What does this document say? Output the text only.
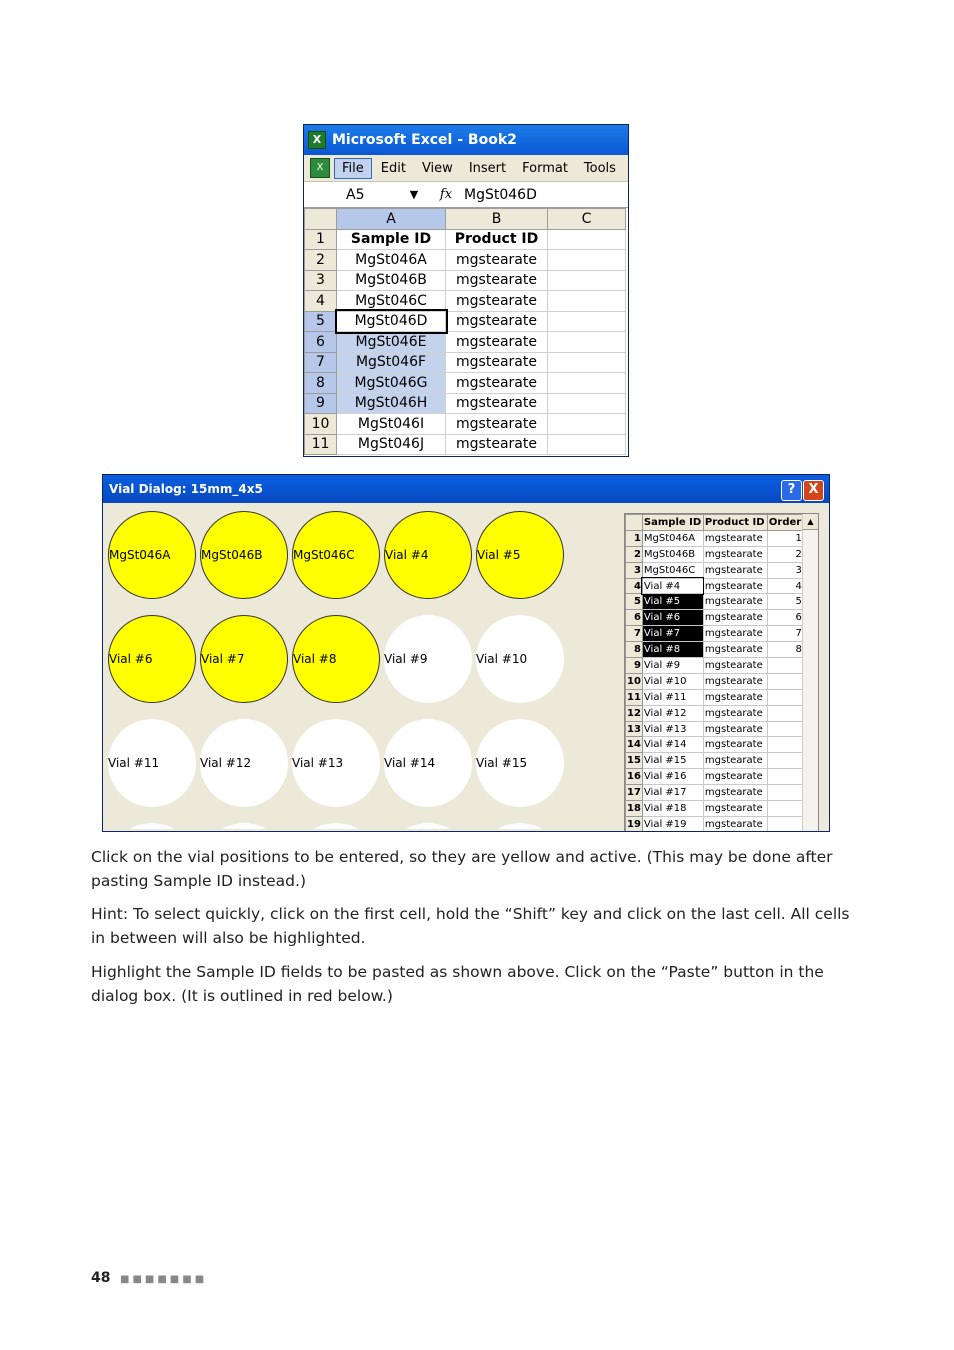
X Microsoft Excel - Book2
X	File	Edit	View	Insert	Format	Tools
A5	▼	fx MgSt046D
	A	B	C
1	Sample ID	Product ID	
2	MgSt046A	mgstearate	
3	MgSt046B	mgstearate	
4	MgSt046C	mgstearate	
5	MgSt046D	mgstearate	
6	MgSt046E	mgstearate	
7	MgSt046F	mgstearate	
8	MgSt046G	mgstearate	
9	MgSt046H	mgstearate	
10	MgSt046I	mgstearate	
11	MgSt046J	mgstearate	
Vial Dialog: 15mm_4x5	?	X
MgSt046A	MgSt046B	MgSt046C	Vial #4	Vial #5
Vial #6	Vial #7	Vial #8	Vial #9	Vial #10
Vial #11	Vial #12	Vial #13	Vial #14	Vial #15
	Sample ID	Product ID	Order
1	MgSt046A	mgstearate	1
2	MgSt046B	mgstearate	2
3	MgSt046C	mgstearate	3
4	Vial #4	mgstearate	4
5	Vial #5	mgstearate	5
6	Vial #6	mgstearate	6
7	Vial #7	mgstearate	7
8	Vial #8	mgstearate	8
9	Vial #9	mgstearate	
10	Vial #10	mgstearate	
11	Vial #11	mgstearate	
12	Vial #12	mgstearate	
13	Vial #13	mgstearate	
14	Vial #14	mgstearate	
15	Vial #15	mgstearate	
16	Vial #16	mgstearate	
17	Vial #17	mgstearate	
18	Vial #18	mgstearate	
19	Vial #19	mgstearate	
▲
Click on the vial positions to be entered, so they are yellow and active. (This may be done after pasting Sample ID instead.)
Hint: To select quickly, click on the first cell, hold the “Shift” key and click on the last cell. All cells in between will also be highlighted.
Highlight the Sample ID fields to be pasted as shown above. Click on the “Paste” button in the dialog box. (It is outlined in red below.)
48 ■■■■■■■
